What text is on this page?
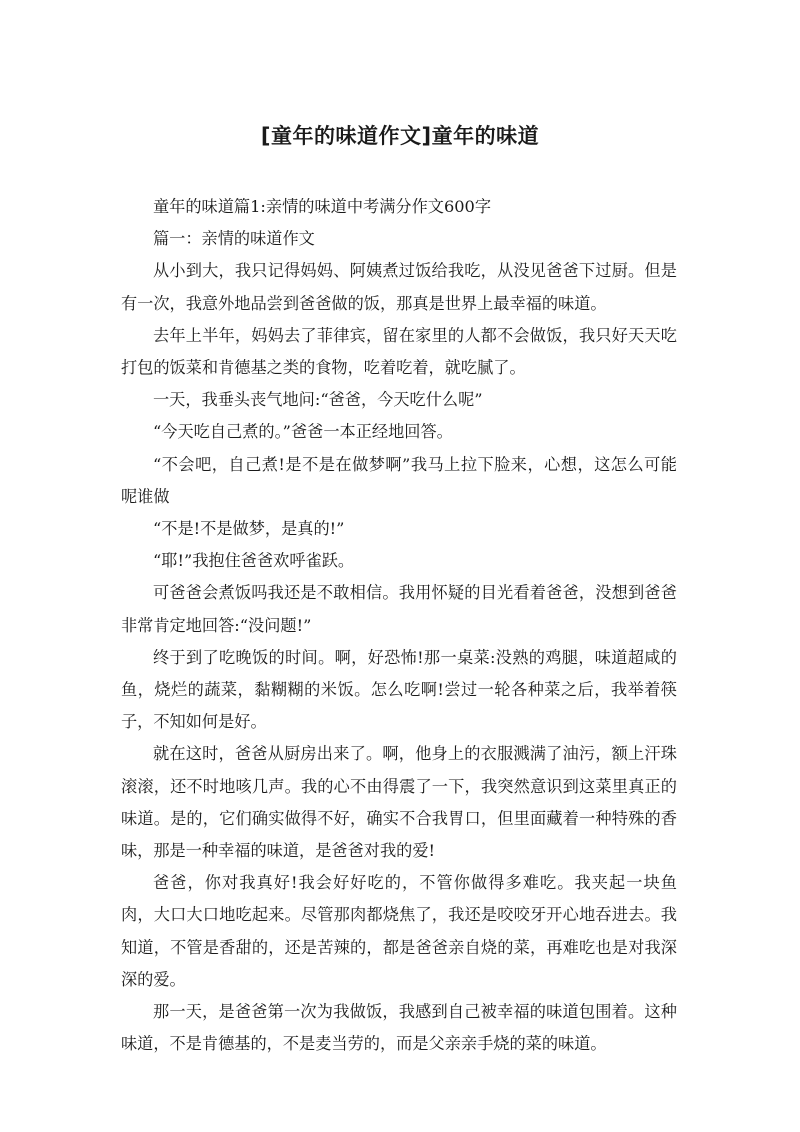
[童年的味道作文]童年的味道

童年的味道篇1:亲情的味道中考满分作文600字

篇一：亲情的味道作文

从小到大，我只记得妈妈、阿姨煮过饭给我吃，从没见爸爸下过厨。但是有一次，我意外地品尝到爸爸做的饭，那真是世界上最幸福的味道。

去年上半年，妈妈去了菲律宾，留在家里的人都不会做饭，我只好天天吃打包的饭菜和肯德基之类的食物，吃着吃着，就吃腻了。

一天，我垂头丧气地问:“爸爸，今天吃什么呢”

“今天吃自己煮的。”爸爸一本正经地回答。

“不会吧，自己煮!是不是在做梦啊”我马上拉下脸来，心想，这怎么可能呢谁做

“不是!不是做梦，是真的!”

“耶!”我抱住爸爸欢呼雀跃。

可爸爸会煮饭吗我还是不敢相信。我用怀疑的目光看着爸爸，没想到爸爸非常肯定地回答:“没问题!”

终于到了吃晚饭的时间。啊，好恐怖!那一桌菜:没熟的鸡腿，味道超咸的鱼，烧烂的蔬菜，黏糊糊的米饭。怎么吃啊!尝过一轮各种菜之后，我举着筷子，不知如何是好。

就在这时，爸爸从厨房出来了。啊，他身上的衣服溅满了油污，额上汗珠滚滚，还不时地咳几声。我的心不由得震了一下，我突然意识到这菜里真正的味道。是的，它们确实做得不好，确实不合我胃口，但里面藏着一种特殊的香味，那是一种幸福的味道，是爸爸对我的爱!

爸爸，你对我真好!我会好好吃的，不管你做得多难吃。我夹起一块鱼肉，大口大口地吃起来。尽管那肉都烧焦了，我还是咬咬牙开心地吞进去。我知道，不管是香甜的，还是苦辣的，都是爸爸亲自烧的菜，再难吃也是对我深深的爱。

那一天，是爸爸第一次为我做饭，我感到自己被幸福的味道包围着。这种味道，不是肯德基的，不是麦当劳的，而是父亲亲手烧的菜的味道。
